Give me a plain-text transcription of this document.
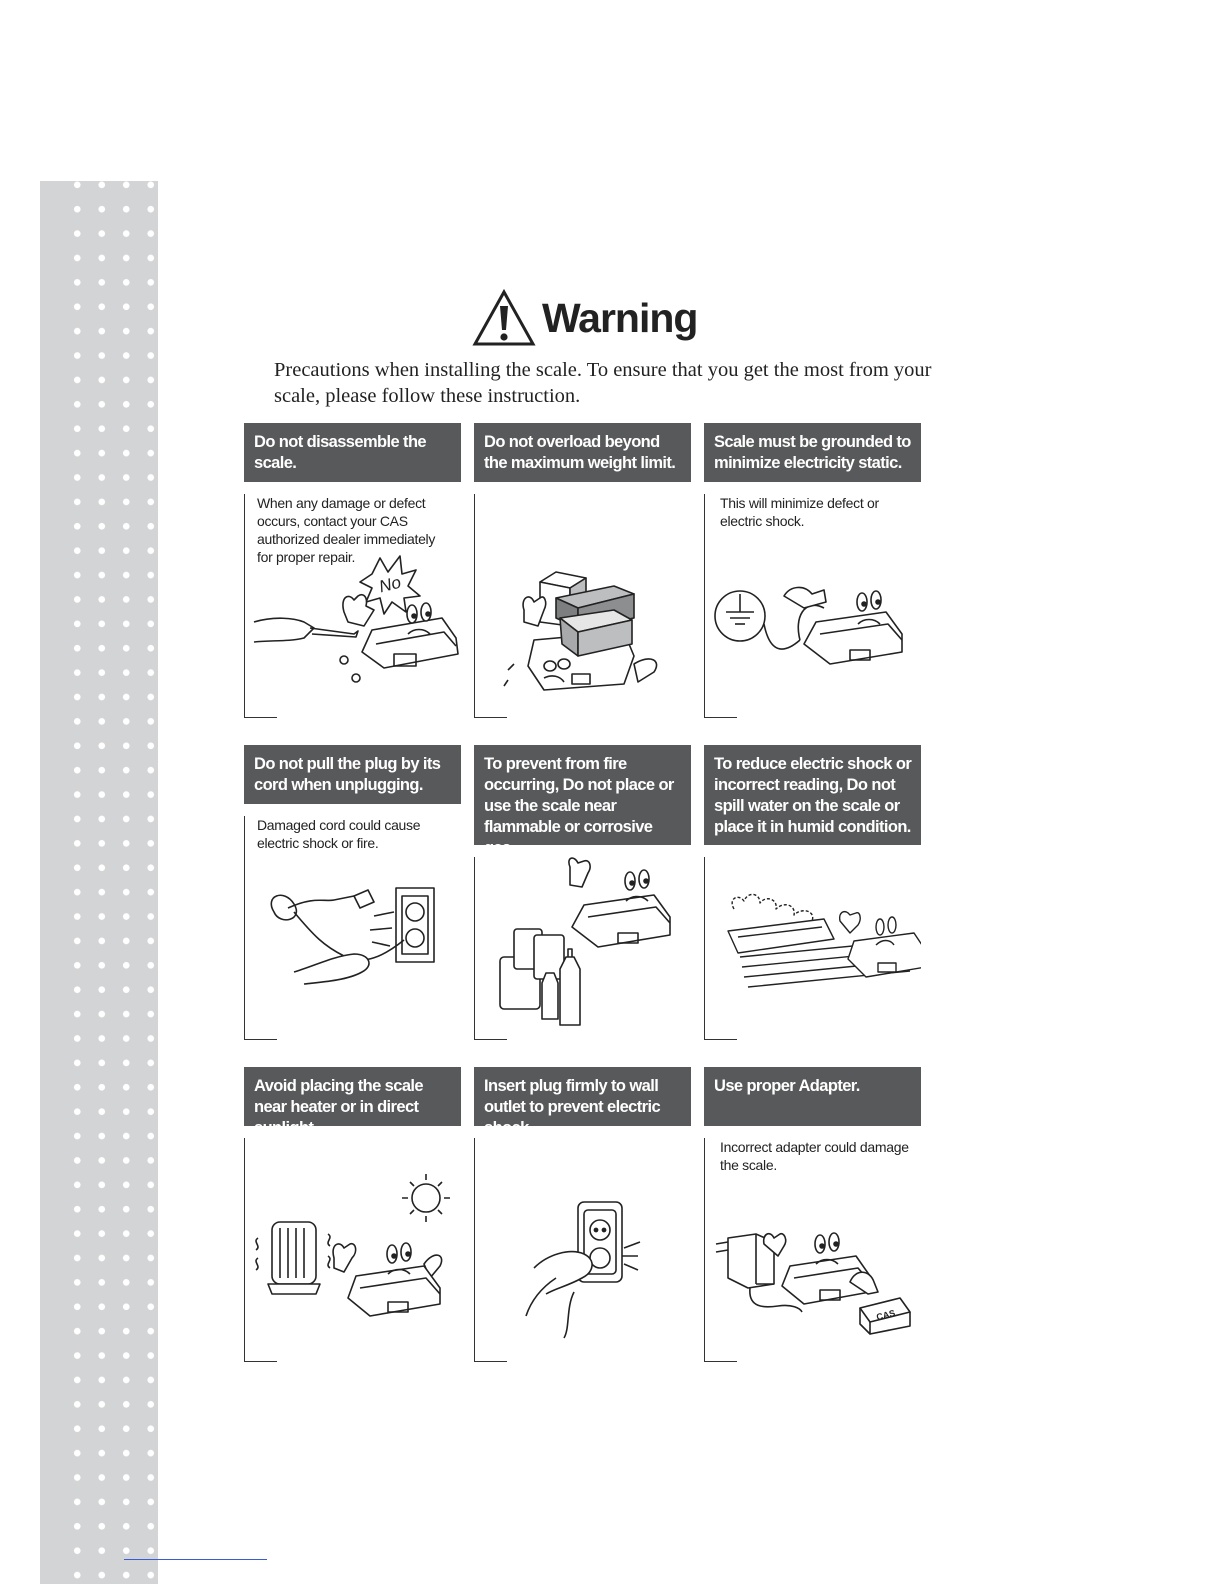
Warning

Precautions when installing the scale. To ensure that you get the most from your scale, please follow these instruction.

Do not disassemble the scale.
When any damage or defect occurs, contact your CAS authorized dealer immediately for proper repair.
No
Do not overload beyond the maximum weight limit.
Scale must be grounded to minimize electricity static.
This will minimize defect or electric shock.
Do not pull the plug by its cord when unplugging.
Damaged cord could cause electric shock or fire.
To prevent from fire occurring, Do not place or use the scale near flammable or corrosive gas.
To reduce electric shock or incorrect reading, Do not spill water on the scale or place it in humid condition.
Avoid placing the scale near heater or in direct sunlight.
Insert plug firmly to wall outlet to prevent electric shock.
Use proper Adapter.
Incorrect adapter could damage the scale.
CAS
